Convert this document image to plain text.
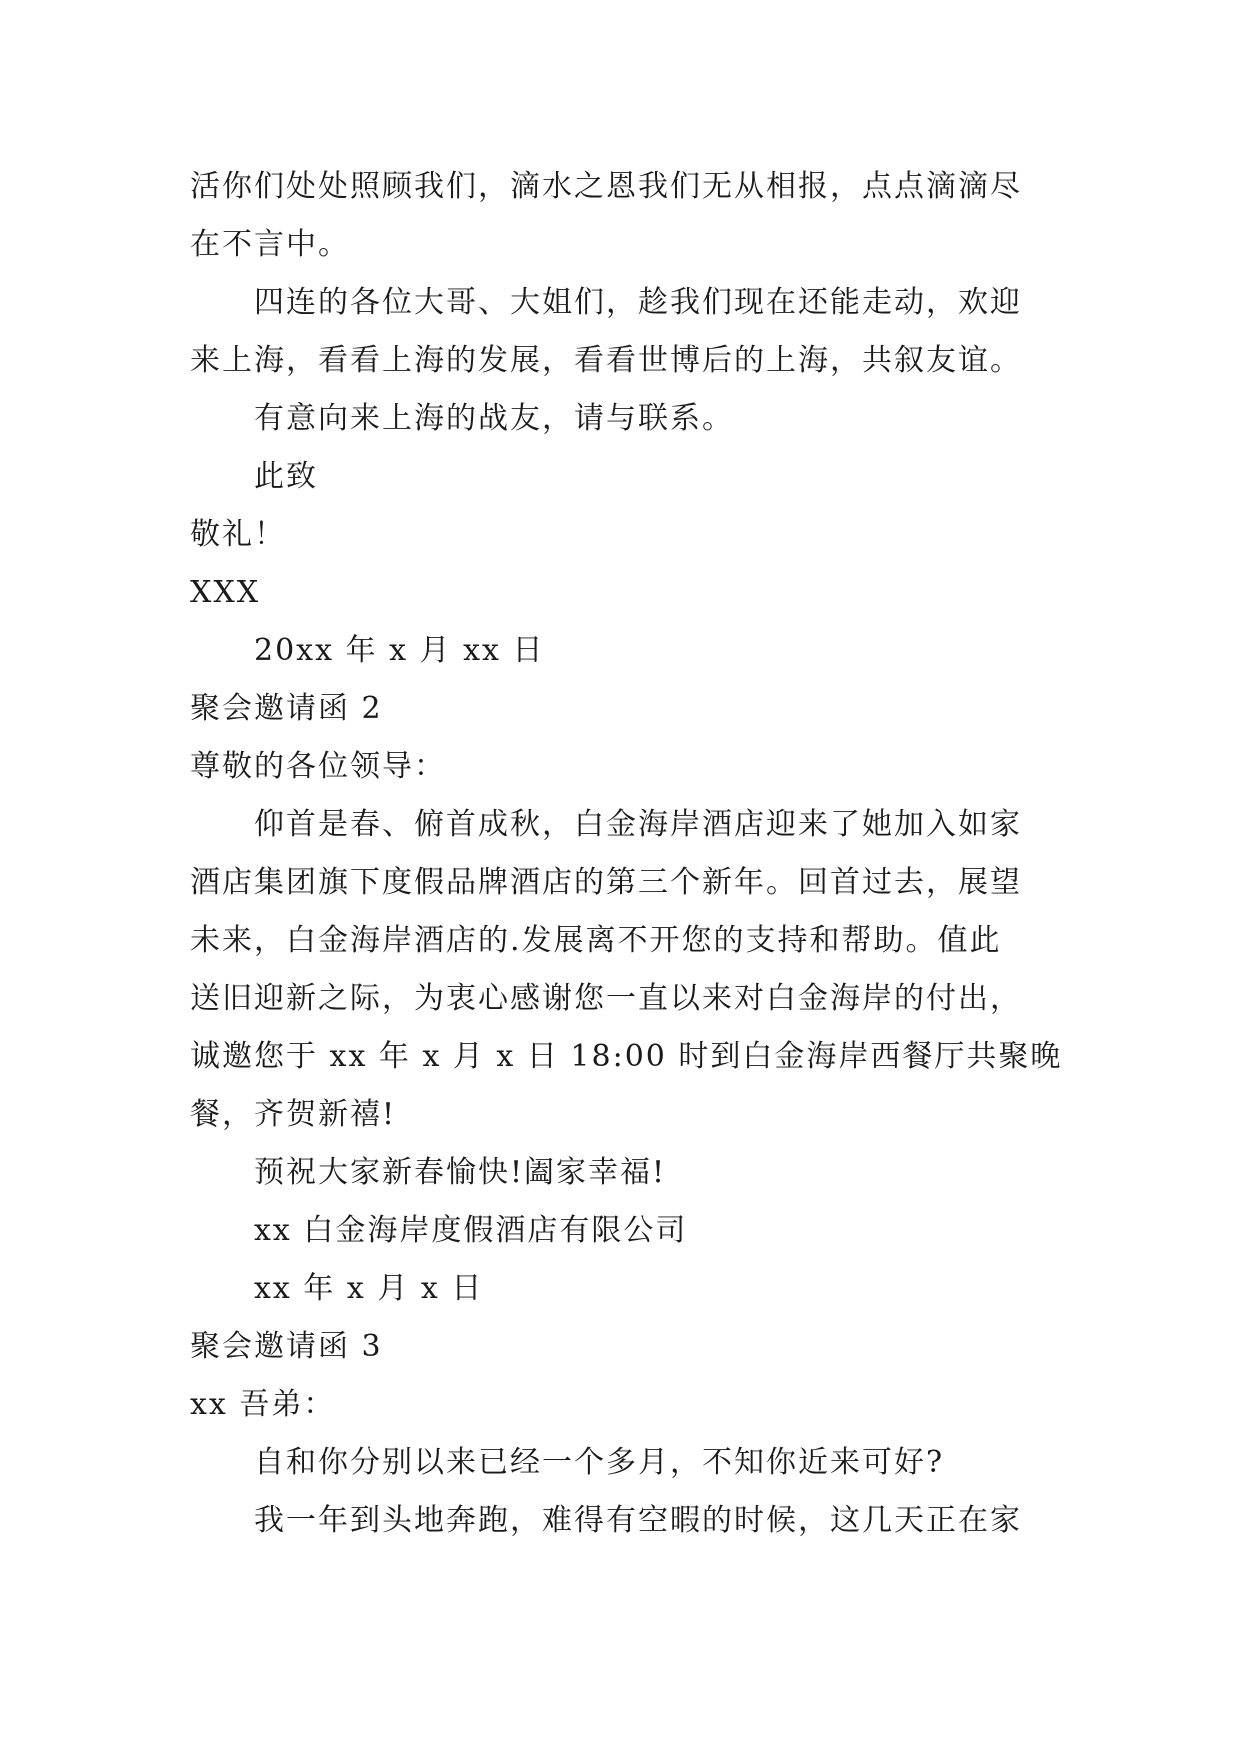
活你们处处照顾我们，滴水之恩我们无从相报，点点滴滴尽
在不言中。
四连的各位大哥、大姐们，趁我们现在还能走动，欢迎
来上海，看看上海的发展，看看世博后的上海，共叙友谊。
有意向来上海的战友，请与联系。
此致
敬礼！
XXX
20xx 年 x 月 xx 日
聚会邀请函 2
尊敬的各位领导：
仰首是春、俯首成秋，白金海岸酒店迎来了她加入如家
酒店集团旗下度假品牌酒店的第三个新年。回首过去，展望
未来，白金海岸酒店的.发展离不开您的支持和帮助。值此
送旧迎新之际，为衷心感谢您一直以来对白金海岸的付出，
诚邀您于 xx 年 x 月 x 日 18:00 时到白金海岸西餐厅共聚晚
餐，齐贺新禧!
预祝大家新春愉快!阖家幸福!
xx 白金海岸度假酒店有限公司
xx 年 x 月 x 日
聚会邀请函 3
xx 吾弟：
自和你分别以来已经一个多月，不知你近来可好?
我一年到头地奔跑，难得有空暇的时候，这几天正在家
